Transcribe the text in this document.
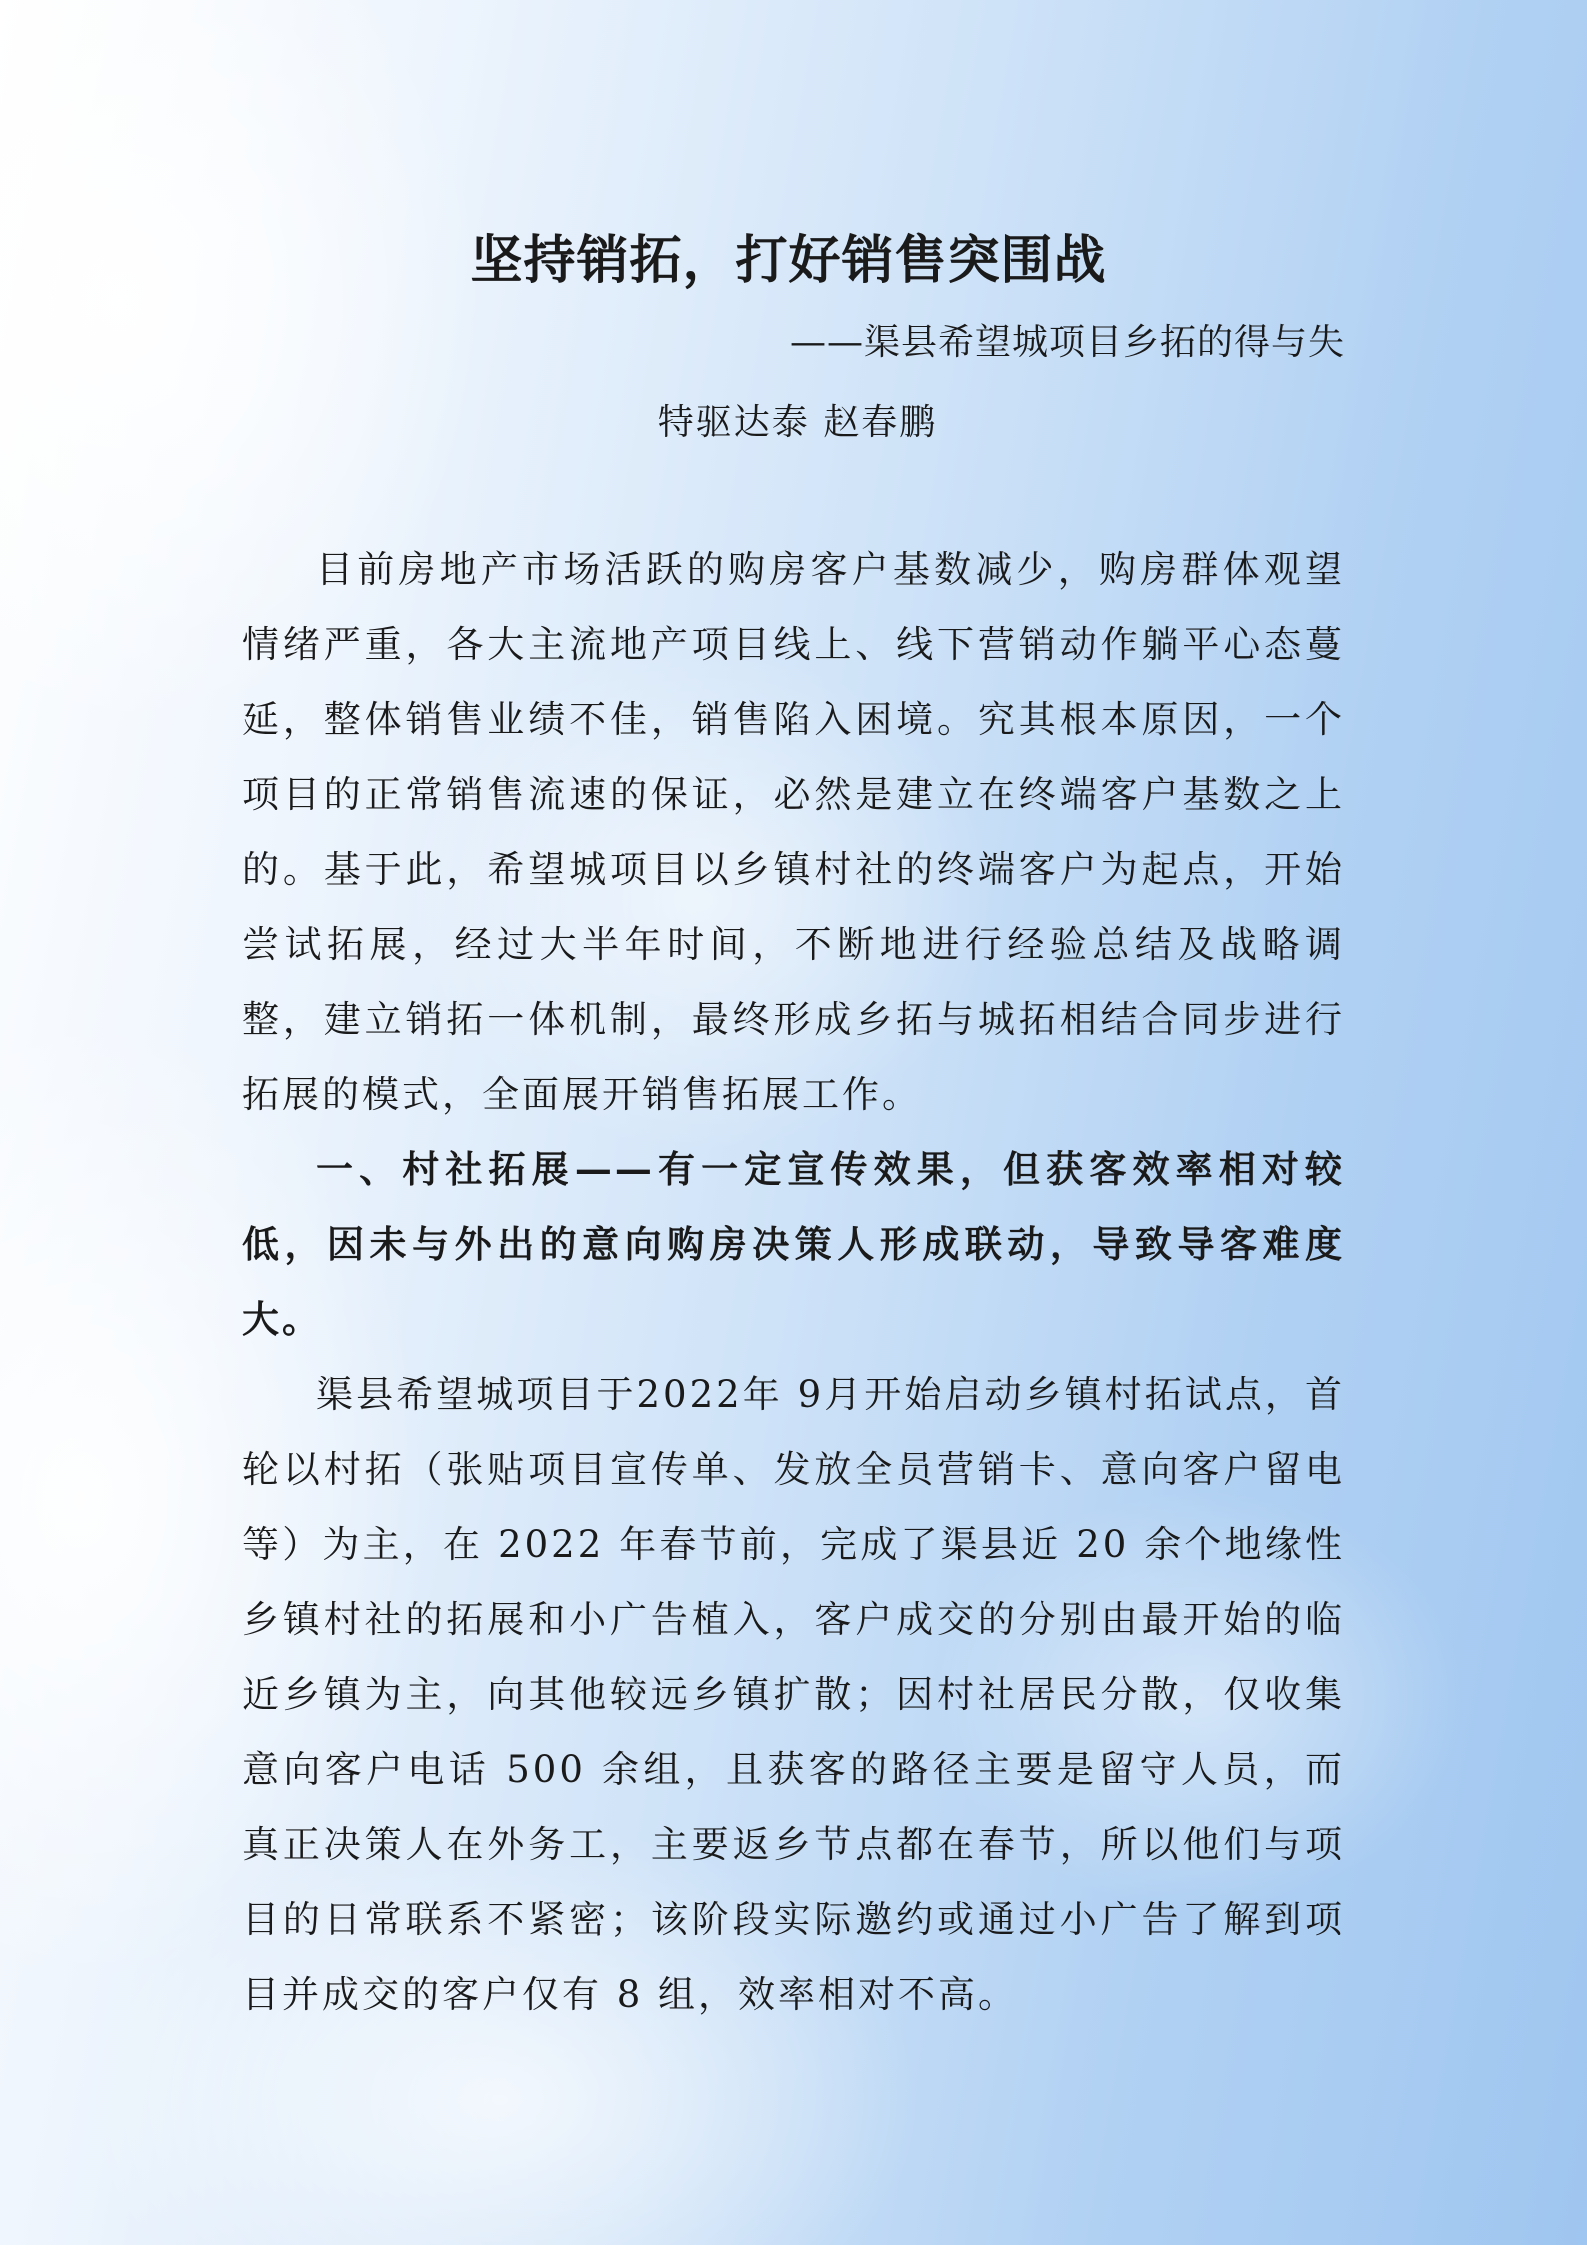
坚持销拓，打好销售突围战

——渠县希望城项目乡拓的得与失

特驱达泰 赵春鹏

目前房地产市场活跃的购房客户基数减少，购房群体观望情绪严重，各大主流地产项目线上、线下营销动作躺平心态蔓延，整体销售业绩不佳，销售陷入困境。究其根本原因，一个项目的正常销售流速的保证，必然是建立在终端客户基数之上的。基于此，希望城项目以乡镇村社的终端客户为起点，开始尝试拓展，经过大半年时间，不断地进行经验总结及战略调整，建立销拓一体机制，最终形成乡拓与城拓相结合同步进行拓展的模式，全面展开销售拓展工作。

一、村社拓展——有一定宣传效果，但获客效率相对较低，因未与外出的意向购房决策人形成联动，导致导客难度大。

渠县希望城项目于2022年 9月开始启动乡镇村拓试点，首轮以村拓（张贴项目宣传单、发放全员营销卡、意向客户留电等）为主，在 2022 年春节前，完成了渠县近 20 余个地缘性乡镇村社的拓展和小广告植入，客户成交的分别由最开始的临近乡镇为主，向其他较远乡镇扩散；因村社居民分散，仅收集意向客户电话 500 余组，且获客的路径主要是留守人员，而真正决策人在外务工，主要返乡节点都在春节，所以他们与项目的日常联系不紧密；该阶段实际邀约或通过小广告了解到项目并成交的客户仅有 8 组，效率相对不高。
